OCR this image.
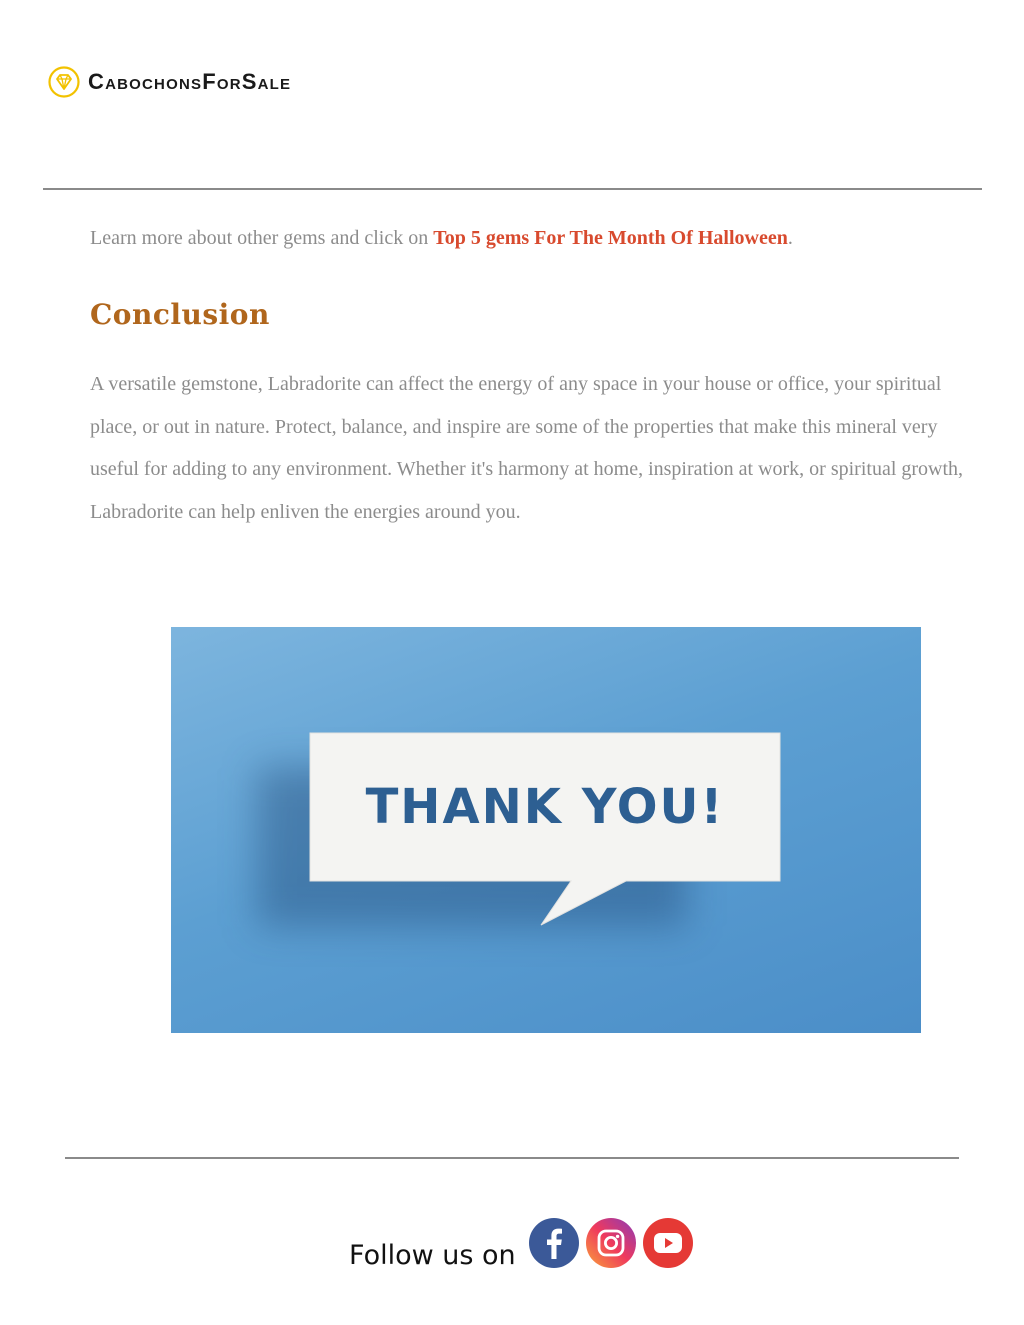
CabochonsForSale
Learn more about other gems and click on Top 5 gems For The Month Of Halloween.
Conclusion

A versatile gemstone, Labradorite can affect the energy of any space in your house or office, your spiritual place, or out in nature. Protect, balance, and inspire are some of the properties that make this mineral very useful for adding to any environment. Whether it's harmony at home, inspiration at work, or spiritual growth, Labradorite can help enliven the energies around you.

THANK YOU!
Follow us on
